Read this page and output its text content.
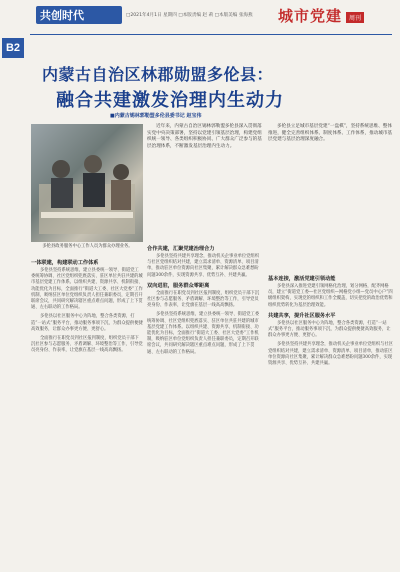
共创时代	□2021年4月1日 星期四 □本版责编 赵 莉 □本版美编 张海燕 城市党建	周刊
B2
内蒙古自治区林郡勋盟多伦县：
融合共建激发治理内生动力
■内蒙古锡林郭勒盟多伦县委书记 赵宝伟
多伦县政务服务中心工作人员为群众办理业务。
近年来，内蒙古自治区锡林郭勒盟多伦县深入贯彻落实党中央决策部署，坚持以党建引领基层治理，构建党组织统一领导、各类组织积极协同、广大群众广泛参与的基层治理体系，不断激发基层治理内生动力。
多伦县立足城市基层党建“一盘棋”，坚持系统思维、整体推进，健全完善组织体系、制度体系、工作体系，推动城市基层党建与基层治理深度融合。
一体联建，构建联动工作体系

多伦县坚持系统思维，建立县委统一领导、街道党工委统筹协调、社区党组织兜底落实、驻区单位共驻共建的城市基层党建工作体系。以组织共建、资源共享、机制衔接、功能优化为目标，全面推行“街道大工委、社区大党委”工作机制，吸纳驻区单位党组织负责人担任兼职委员，定期召开联席会议，共同研究解决辖区重点难点问题，形成了上下贯通、左右联动的工作格局。

多伦县以社区服务中心为阵地，整合各类资源，打造“一站式”服务平台，推动服务事项下沉，为群众提供便捷高效服务，让群众办事更方便、更舒心。

全面推行在职党员到社区报到制度，组织党员干部下沉社区参与志愿服务、矛盾调解、环境整治等工作，引导党员亮身份、作表率，让党旗在基层一线高高飘扬。

合作共建，汇聚党建治理合力

多伦县坚持共建共享理念，推动机关企事业单位党组织与社区党组织结对共建，建立需求清单、资源清单、项目清单，推动驻区单位资源向社区集聚，累计解决群众急难愁盼问题300余件，实现资源共享、优势互补、共建共赢。

双向进驻，服务群众零距离

全面推行在职党员到社区报到制度，组织党员干部下沉社区参与志愿服务、矛盾调解、环境整治等工作，引导党员亮身份、作表率，让党旗在基层一线高高飘扬。

多伦县坚持系统思维，建立县委统一领导、街道党工委统筹协调、社区党组织兜底落实、驻区单位共驻共建的城市基层党建工作体系。以组织共建、资源共享、机制衔接、功能优化为目标，全面推行“街道大工委、社区大党委”工作机制，吸纳驻区单位党组织负责人担任兼职委员，定期召开联席会议，共同研究解决辖区重点难点问题，形成了上下贯通、左右联动的工作格局。

基本连接，激活党建引领动能

多伦县深入推进党建引领网格化治理，划分网格，配齐网格员，建立“街道党工委—社区党组织—网格党小组—党员中心户”四级组织架构，实现党的组织和工作全覆盖，切实把党的政治优势和组织优势转化为基层治理效能。

共建共享，提升社区服务水平

多伦县以社区服务中心为阵地，整合各类资源，打造“一站式”服务平台，推动服务事项下沉，为群众提供便捷高效服务，让群众办事更方便、更舒心。

多伦县坚持共建共享理念，推动机关企事业单位党组织与社区党组织结对共建，建立需求清单、资源清单、项目清单，推动驻区单位资源向社区集聚，累计解决群众急难愁盼问题300余件，实现资源共享、优势互补、共建共赢。
